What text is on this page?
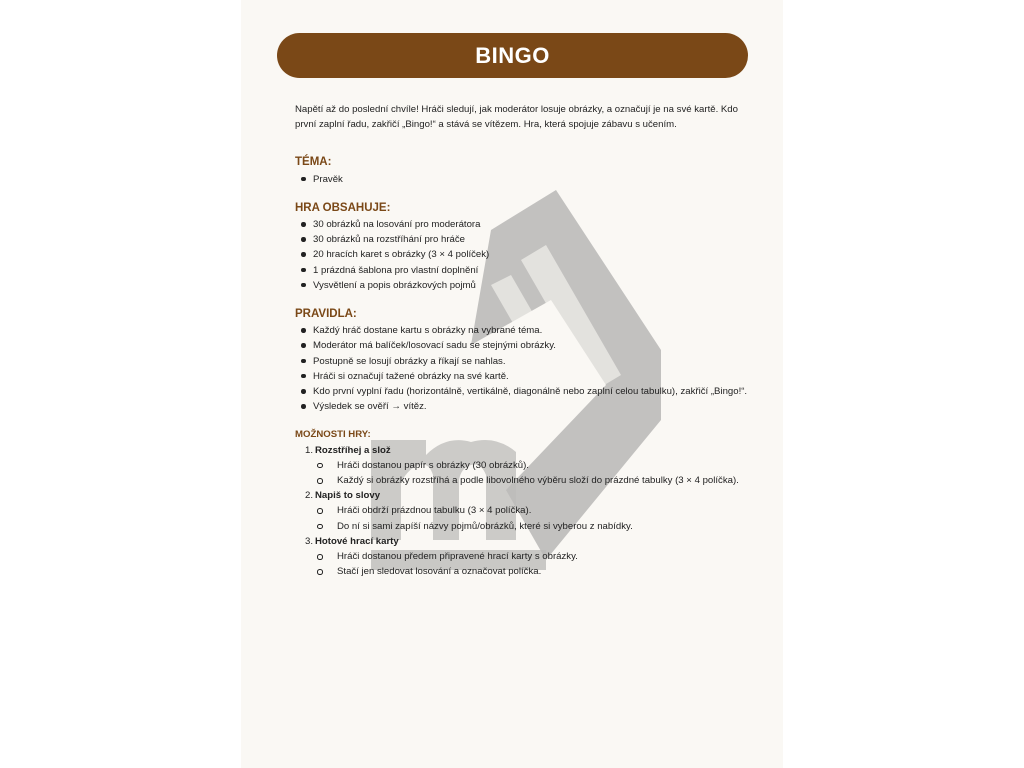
BINGO

Napětí až do poslední chvíle! Hráči sledují, jak moderátor losuje obrázky, a označují je na své kartě. Kdo první zaplní řadu, zakřičí „Bingo!“ a stává se vítězem. Hra, která spojuje zábavu s učením.

TÉMA:
Pravěk
HRA OBSAHUJE:
30 obrázků na losování pro moderátora
30 obrázků na rozstříhání pro hráče
20 hracích karet s obrázky (3 × 4 políček)
1 prázdná šablona pro vlastní doplnění
Vysvětlení a popis obrázkových pojmů
PRAVIDLA:
Každý hráč dostane kartu s obrázky na vybrané téma.
Moderátor má balíček/losovací sadu se stejnými obrázky.
Postupně se losují obrázky a říkají se nahlas.
Hráči si označují tažené obrázky na své kartě.
Kdo první vyplní řadu (horizontálně, vertikálně, diagonálně nebo zaplní celou tabulku), zakřičí „Bingo!“.
Výsledek se ověří → vítěz.
MOŽNOSTI HRY:
1. Rozstříhej a slož
Hráči dostanou papír s obrázky (30 obrázků).
Každý si obrázky rozstříhá a podle libovolného výběru složí do prázdné tabulky (3 × 4 políčka).
2. Napiš to slovy
Hráči obdrží prázdnou tabulku (3 × 4 políčka).
Do ní si sami zapíší názvy pojmů/obrázků, které si vyberou z nabídky.
3. Hotové hrací karty
Hráči dostanou předem připravené hrací karty s obrázky.
Stačí jen sledovat losování a označovat políčka.
